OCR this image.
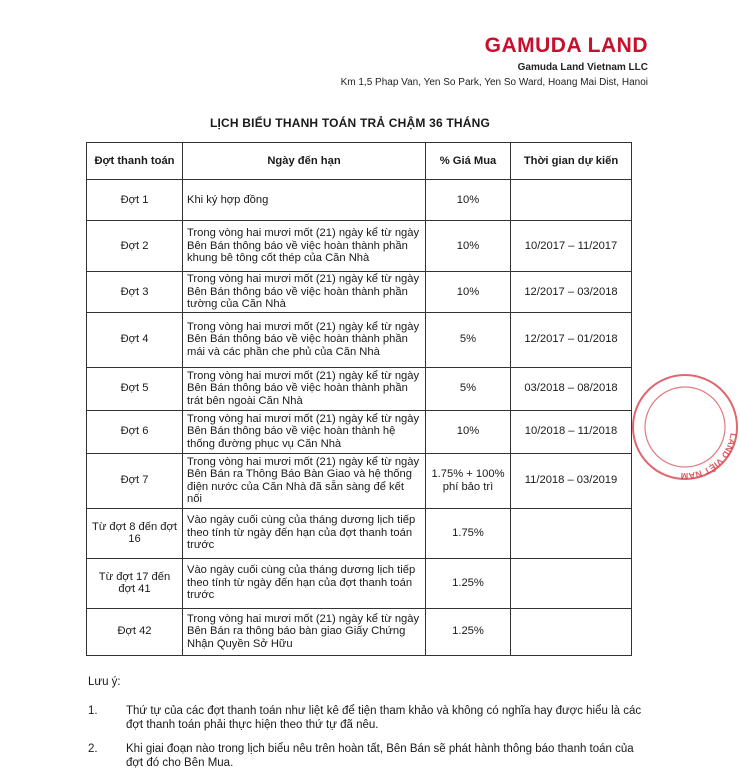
GAMUDA LAND
Gamuda Land Vietnam LLC
Km 1,5 Phap Van, Yen So Park, Yen So Ward, Hoang Mai Dist, Hanoi
LỊCH BIỂU THANH TOÁN TRẢ CHẬM 36 THÁNG
Đợt thanh toán	Ngày đến hạn	% Giá Mua	Thời gian dự kiến
Đợt 1	Khi ký hợp đồng	10%	
Đợt 2	Trong vòng hai mươi mốt (21) ngày kể từ ngày Bên Bán thông báo về việc hoàn thành phần khung bê tông cốt thép của Căn Nhà	10%	10/2017 – 11/2017
Đợt 3	Trong vòng hai mươi mốt (21) ngày kể từ ngày Bên Bán thông báo về việc hoàn thành phần tường của Căn Nhà	10%	12/2017 – 03/2018
Đợt 4	Trong vòng hai mươi mốt (21) ngày kể từ ngày Bên Bán thông báo về việc hoàn thành phần mái và các phần che phủ của Căn Nhà	5%	12/2017 – 01/2018
Đợt 5	Trong vòng hai mươi mốt (21) ngày kể từ ngày Bên Bán thông báo về việc hoàn thành phần trát bên ngoài Căn Nhà	5%	03/2018 – 08/2018
Đợt 6	Trong vòng hai mươi mốt (21) ngày kể từ ngày Bên Bán thông báo về việc hoàn thành hệ thống đường phục vụ Căn Nhà	10%	10/2018 – 11/2018
Đợt 7	Trong vòng hai mươi mốt (21) ngày kể từ ngày Bên Bán ra Thông Báo Bàn Giao và hệ thống điện nước của Căn Nhà đã sẵn sàng để kết nối	1.75% + 100% phí bảo trì	11/2018 – 03/2019
Từ đợt 8 đến đợt 16	Vào ngày cuối cùng của tháng dương lịch tiếp theo tính từ ngày đến hạn của đợt thanh toán trước	1.75%	
Từ đợt 17 đến đợt 41	Vào ngày cuối cùng của tháng dương lịch tiếp theo tính từ ngày đến hạn của đợt thanh toán trước	1.25%	
Đợt 42	Trong vòng hai mươi mốt (21) ngày kể từ ngày Bên Bán ra thông báo bàn giao Giấy Chứng Nhận Quyền Sở Hữu	1.25%	
Lưu ý:
1. Thứ tự của các đợt thanh toán như liệt kê để tiện tham khảo và không có nghĩa hay được hiểu là các đợt thanh toán phải thực hiện theo thứ tự đã nêu.
2. Khi giai đoạn nào trong lịch biểu nêu trên hoàn tất, Bên Bán sẽ phát hành thông báo thanh toán của đợt đó cho Bên Mua.
LAND VIỆT NAM
